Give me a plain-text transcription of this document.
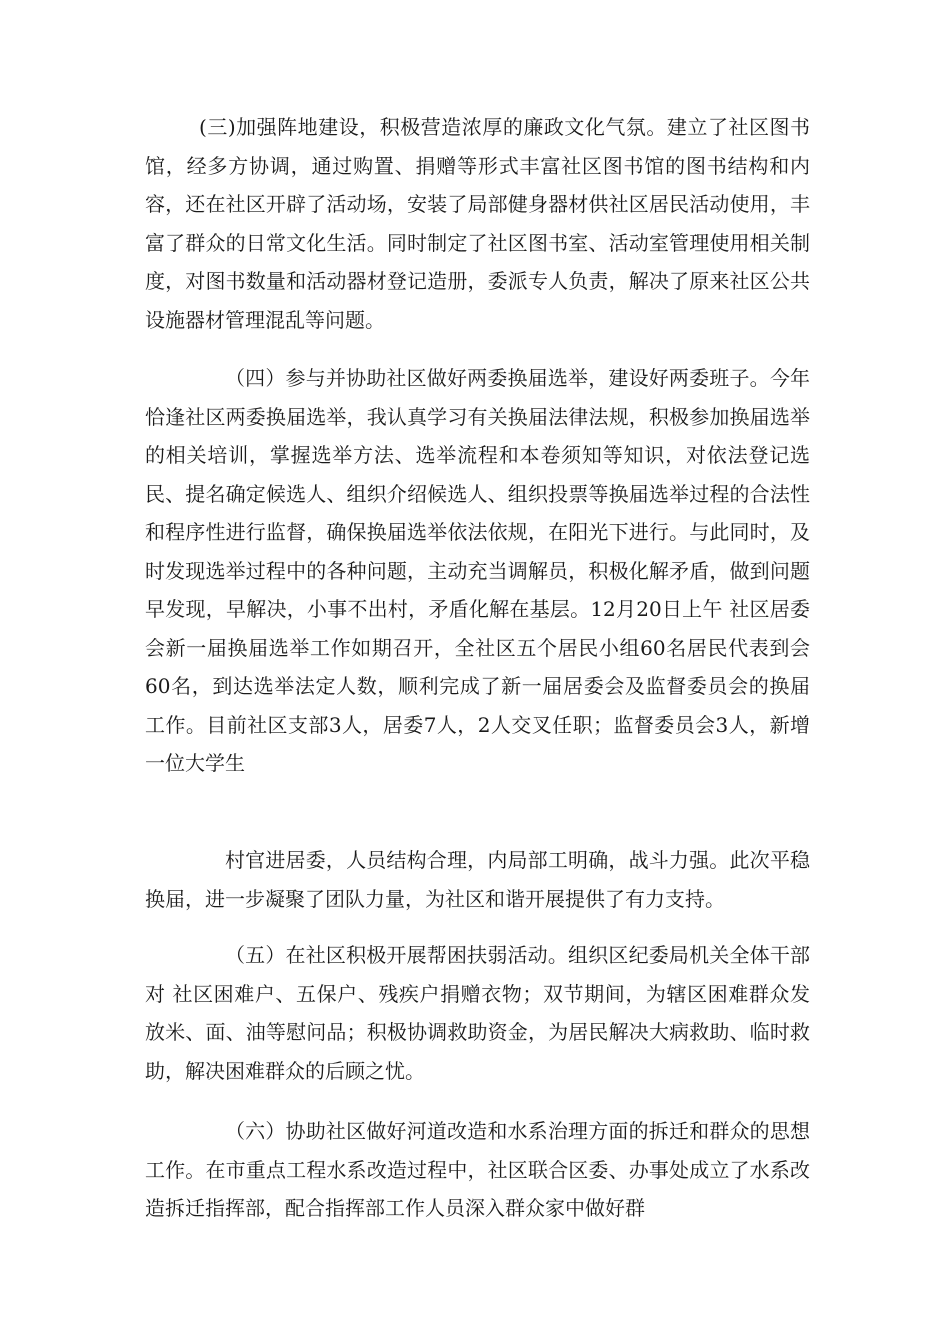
(三)加强阵地建设，积极营造浓厚的廉政文化气氛。建立了社区图书馆，经多方协调，通过购置、捐赠等形式丰富社区图书馆的图书结构和内容，还在社区开辟了活动场，安装了局部健身器材供社区居民活动使用，丰富了群众的日常文化生活。同时制定了社区图书室、活动室管理使用相关制度，对图书数量和活动器材登记造册，委派专人负责，解决了原来社区公共设施器材管理混乱等问题。

（四）参与并协助社区做好两委换届选举，建设好两委班子。今年恰逢社区两委换届选举，我认真学习有关换届法律法规，积极参加换届选举的相关培训，掌握选举方法、选举流程和本卷须知等知识，对依法登记选民、提名确定候选人、组织介绍候选人、组织投票等换届选举过程的合法性和程序性进行监督，确保换届选举依法依规，在阳光下进行。与此同时，及时发现选举过程中的各种问题，主动充当调解员，积极化解矛盾，做到问题早发现，早解决，小事不出村，矛盾化解在基层。12月20日上午 社区居委会新一届换届选举工作如期召开，全社区五个居民小组60名居民代表到会60名，到达选举法定人数，顺利完成了新一届居委会及监督委员会的换届工作。目前社区支部3人，居委7人，2人交叉任职；监督委员会3人，新增一位大学生

村官进居委，人员结构合理，内局部工明确，战斗力强。此次平稳换届，进一步凝聚了团队力量，为社区和谐开展提供了有力支持。

（五）在社区积极开展帮困扶弱活动。组织区纪委局机关全体干部对 社区困难户、五保户、残疾户捐赠衣物；双节期间，为辖区困难群众发放米、面、油等慰问品；积极协调救助资金，为居民解决大病救助、临时救助，解决困难群众的后顾之忧。

（六）协助社区做好河道改造和水系治理方面的拆迁和群众的思想工作。在市重点工程水系改造过程中，社区联合区委、办事处成立了水系改造拆迁指挥部，配合指挥部工作人员深入群众家中做好群
